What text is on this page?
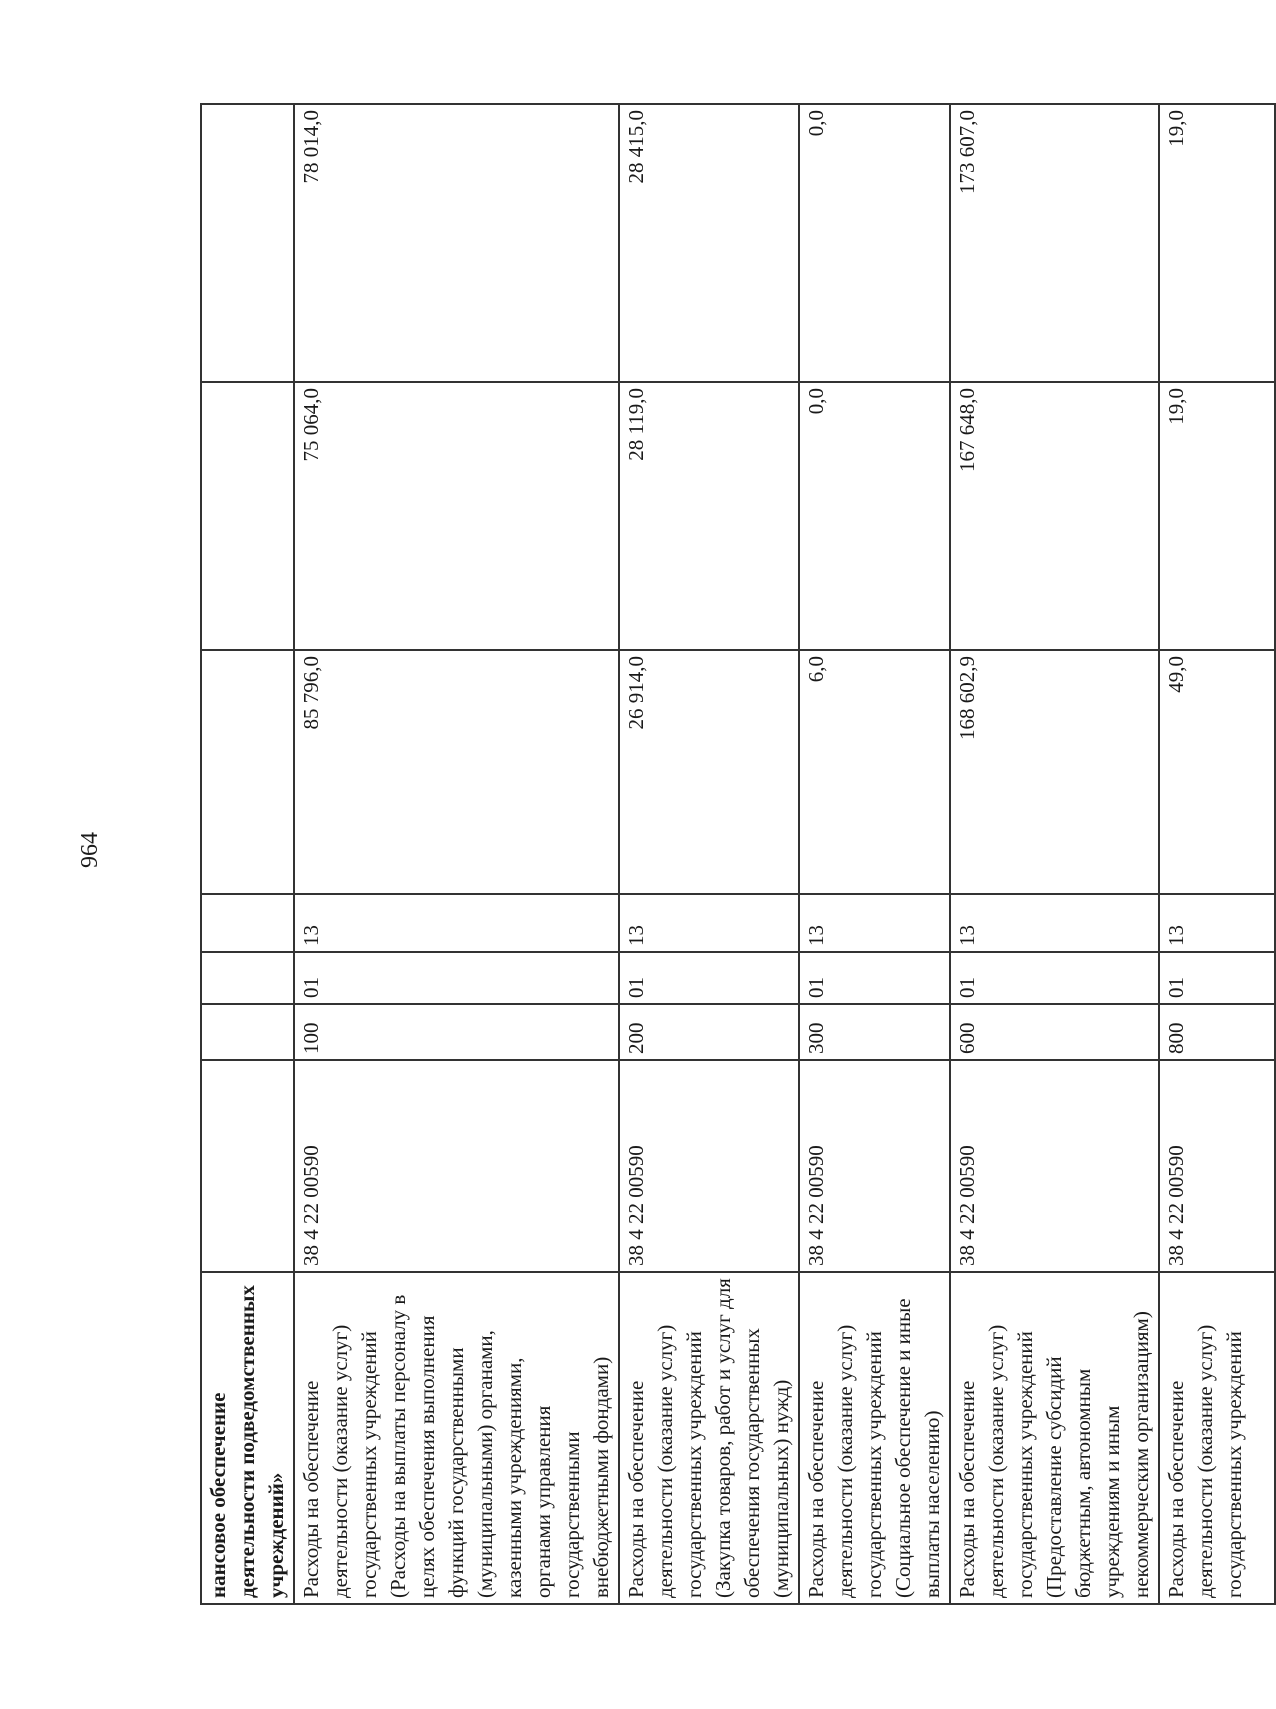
964
нансовое обеспечение деятельности подведомственных учреждений»							
Расходы на обеспечение деятельности (оказание услуг) государственных учреждений (Расходы на выплаты персоналу в целях обеспечения выполнения функций государственными (муниципальными) органами, казенными учреждениями, органами управления государственными внебюджетными фондами)	38 4 22 00590	100	01	13	85 796,0	75 064,0	78 014,0
Расходы на обеспечение деятельности (оказание услуг) государственных учреждений (Закупка товаров, работ и услуг для обеспечения государственных (муниципальных) нужд)	38 4 22 00590	200	01	13	26 914,0	28 119,0	28 415,0
Расходы на обеспечение деятельности (оказание услуг) государственных учреждений (Социальное обеспечение и иные выплаты населению)	38 4 22 00590	300	01	13	6,0	0,0	0,0
Расходы на обеспечение деятельности (оказание услуг) государственных учреждений (Предоставление субсидий бюджетным, автономным учреждениям и иным некоммерческим организациям)	38 4 22 00590	600	01	13	168 602,9	167 648,0	173 607,0
Расходы на обеспечение деятельности (оказание услуг) государственных учреждений	38 4 22 00590	800	01	13	49,0	19,0	19,0
